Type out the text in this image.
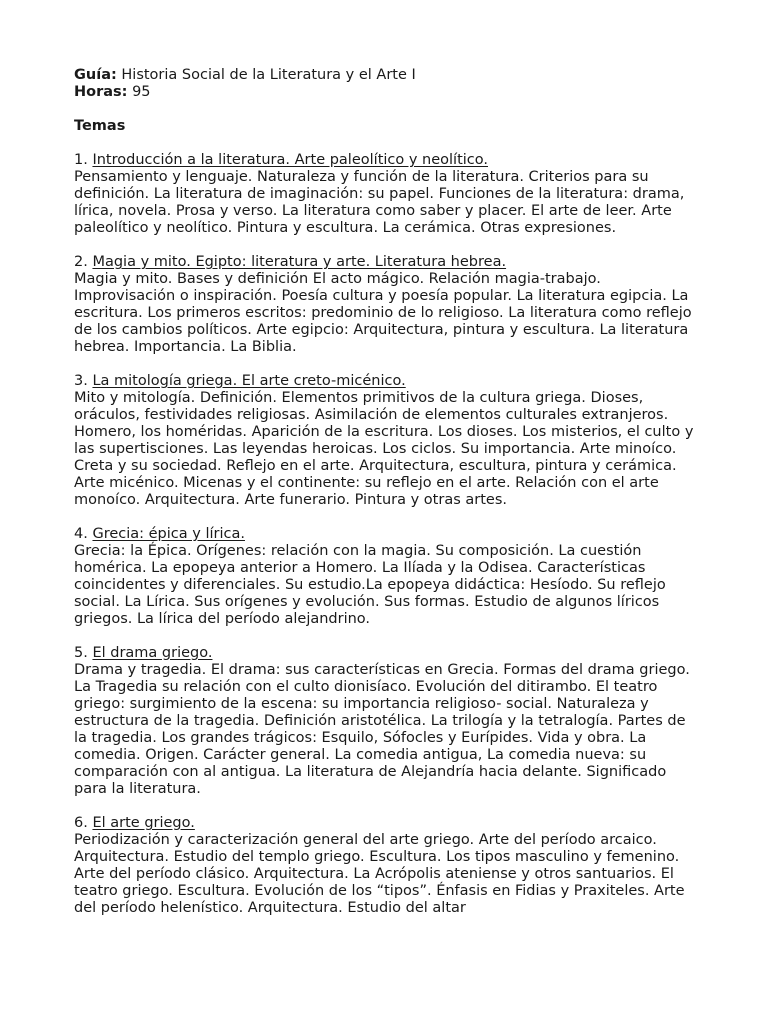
Guía: Historia Social de la Literatura y el Arte I

Horas: 95

Temas

1. Introducción a la literatura. Arte paleolítico y neolítico.

Pensamiento y lenguaje. Naturaleza y función de la literatura. Criterios para su definición. La literatura de imaginación: su papel. Funciones de la literatura: drama, lírica, novela. Prosa y verso. La literatura como saber y placer. El arte de leer. Arte paleolítico y neolítico. Pintura y escultura. La cerámica. Otras expresiones.

2. Magia y mito. Egipto: literatura y arte. Literatura hebrea.

Magia y mito. Bases y definición El acto mágico. Relación magia-trabajo. Improvisación o inspiración. Poesía cultura y poesía popular. La literatura egipcia. La escritura. Los primeros escritos: predominio de lo religioso. La literatura como reflejo de los cambios políticos. Arte egipcio: Arquitectura, pintura y escultura. La literatura hebrea. Importancia. La Biblia.

3. La mitología griega. El arte creto-micénico.

Mito y mitología. Definición. Elementos primitivos de la cultura griega. Dioses, oráculos, festividades religiosas. Asimilación de elementos culturales extranjeros. Homero, los homéridas. Aparición de la escritura. Los dioses. Los misterios, el culto y las supertisciones. Las leyendas heroicas. Los ciclos. Su importancia. Arte minoíco. Creta y su sociedad. Reflejo en el arte. Arquitectura, escultura, pintura y cerámica. Arte micénico. Micenas y el continente: su reflejo en el arte. Relación con el arte monoíco. Arquitectura. Arte funerario. Pintura y otras artes.

4. Grecia: épica y lírica.

Grecia: la Épica. Orígenes: relación con la magia. Su composición. La cuestión homérica. La epopeya anterior a Homero. La Ilíada y la Odisea. Características coincidentes y diferenciales. Su estudio.La epopeya didáctica: Hesíodo. Su reflejo social. La Lírica. Sus orígenes y evolución. Sus formas. Estudio de algunos líricos griegos. La lírica del período alejandrino.

5. El drama griego.

Drama y tragedia. El drama: sus características en Grecia. Formas del drama griego. La Tragedia su relación con el culto dionisíaco. Evolución del ditirambo. El teatro griego: surgimiento de la escena: su importancia religioso- social. Naturaleza y estructura de la tragedia. Definición aristotélica. La trilogía y la tetralogía. Partes de la tragedia. Los grandes trágicos: Esquilo, Sófocles y Eurípides. Vida y obra. La comedia. Origen. Carácter general. La comedia antigua, La comedia nueva: su comparación con al antigua. La literatura de Alejandría hacia delante. Significado para la literatura.

6. El arte griego.

Periodización y caracterización general del arte griego. Arte del período arcaico. Arquitectura. Estudio del templo griego. Escultura. Los tipos masculino y femenino. Arte del período clásico. Arquitectura. La Acrópolis ateniense y otros santuarios. El teatro griego. Escultura. Evolución de los “tipos”. Énfasis en Fidias y Praxiteles. Arte del período helenístico. Arquitectura. Estudio del altar
